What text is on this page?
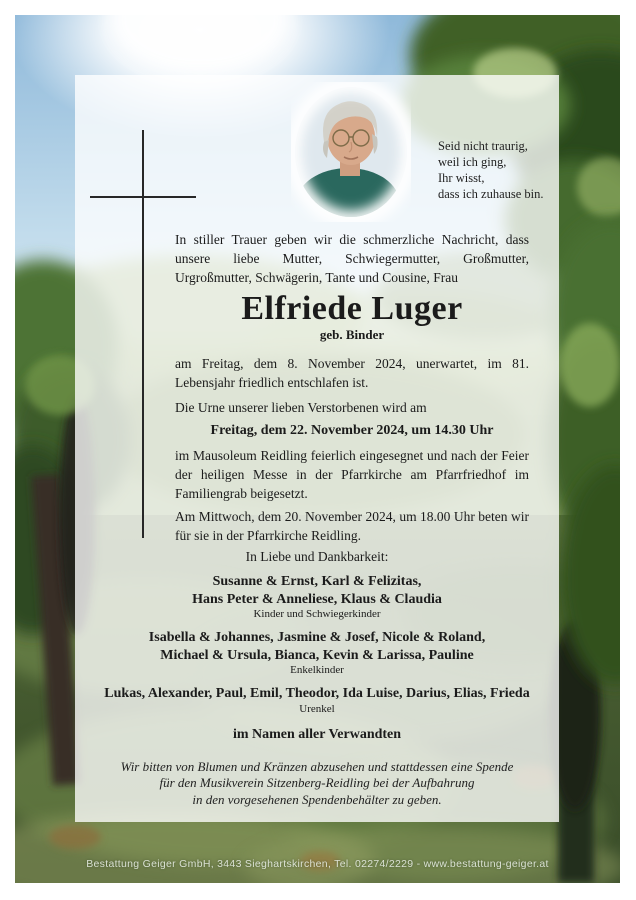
Seid nicht traurig,
weil ich ging,
Ihr wisst,
dass ich zuhause bin.

In stiller Trauer geben wir die schmerzliche Nachricht, dass unsere liebe Mutter, Schwiegermutter, Großmutter, Urgroßmutter, Schwägerin, Tante und Cousine, Frau

Elfriede Luger
geb. Binder

am Freitag, dem 8. November 2024, unerwartet, im 81. Lebensjahr friedlich entschlafen ist.

Die Urne unserer lieben Verstorbenen wird am

Freitag, dem 22. November 2024, um 14.30 Uhr

im Mausoleum Reidling feierlich eingesegnet und nach der Feier der heiligen Messe in der Pfarrkirche am Pfarrfriedhof im Familiengrab beigesetzt.

Am Mittwoch, dem 20. November 2024, um 18.00 Uhr beten wir für sie in der Pfarrkirche Reidling.

In Liebe und Dankbarkeit:
Susanne & Ernst, Karl & Felizitas,
Hans Peter & Anneliese, Klaus & Claudia
Kinder und Schwiegerkinder
Isabella & Johannes, Jasmine & Josef, Nicole & Roland,
Michael & Ursula, Bianca, Kevin & Larissa, Pauline
Enkelkinder
Lukas, Alexander, Paul, Emil, Theodor, Ida Luise, Darius, Elias, Frieda
Urenkel
im Namen aller Verwandten
Wir bitten von Blumen und Kränzen abzusehen und stattdessen eine Spende
für den Musikverein Sitzenberg-Reidling bei der Aufbahrung
in den vorgesehenen Spendenbehälter zu geben.
Bestattung Geiger GmbH, 3443 Sieghartskirchen, Tel. 02274/2229 - www.bestattung-geiger.at
